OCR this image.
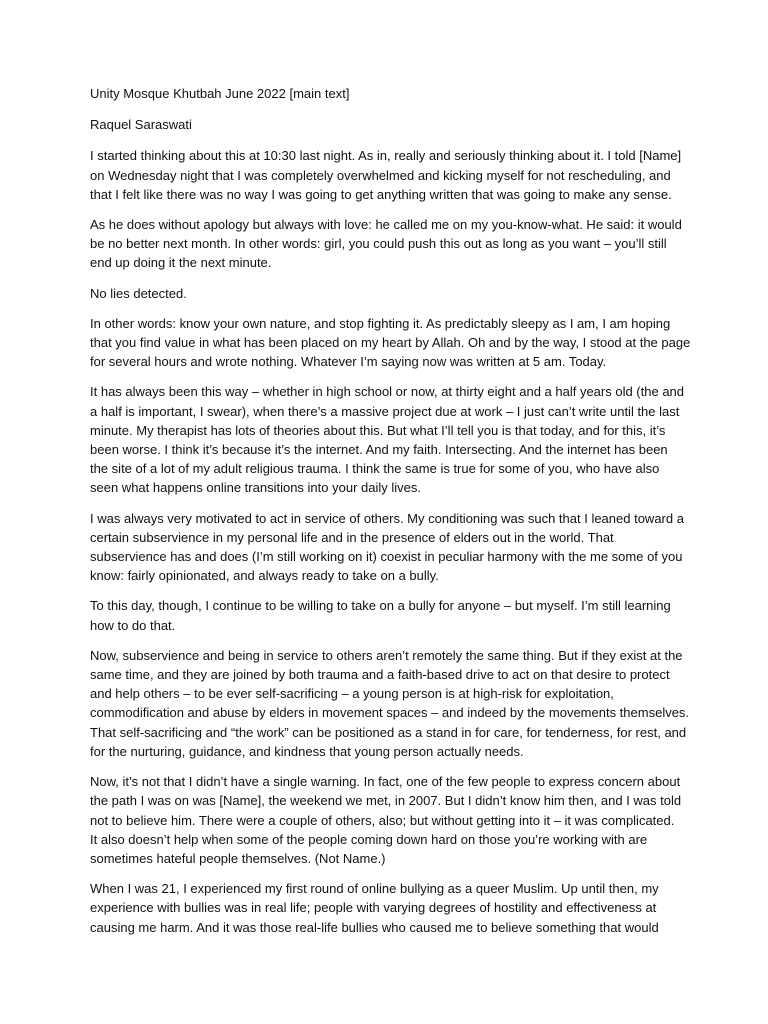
Unity Mosque Khutbah June 2022 [main text]

Raquel Saraswati

I started thinking about this at 10:30 last night. As in, really and seriously thinking about it. I told [Name]
on Wednesday night that I was completely overwhelmed and kicking myself for not rescheduling, and
that I felt like there was no way I was going to get anything written that was going to make any sense.

As he does without apology but always with love: he called me on my you-know-what. He said: it would
be no better next month. In other words: girl, you could push this out as long as you want – you’ll still
end up doing it the next minute.

No lies detected.

In other words: know your own nature, and stop fighting it. As predictably sleepy as I am, I am hoping
that you find value in what has been placed on my heart by Allah. Oh and by the way, I stood at the page
for several hours and wrote nothing. Whatever I’m saying now was written at 5 am. Today.

It has always been this way – whether in high school or now, at thirty eight and a half years old (the and
a half is important, I swear), when there’s a massive project due at work – I just can’t write until the last
minute. My therapist has lots of theories about this. But what I’ll tell you is that today, and for this, it’s
been worse. I think it’s because it’s the internet. And my faith. Intersecting. And the internet has been
the site of a lot of my adult religious trauma. I think the same is true for some of you, who have also
seen what happens online transitions into your daily lives.

I was always very motivated to act in service of others. My conditioning was such that I leaned toward a
certain subservience in my personal life and in the presence of elders out in the world. That
subservience has and does (I’m still working on it) coexist in peculiar harmony with the me some of you
know: fairly opinionated, and always ready to take on a bully.

To this day, though, I continue to be willing to take on a bully for anyone – but myself. I’m still learning
how to do that.

Now, subservience and being in service to others aren’t remotely the same thing. But if they exist at the
same time, and they are joined by both trauma and a faith-based drive to act on that desire to protect
and help others – to be ever self-sacrificing – a young person is at high-risk for exploitation,
commodification and abuse by elders in movement spaces – and indeed by the movements themselves.
That self-sacrificing and “the work” can be positioned as a stand in for care, for tenderness, for rest, and
for the nurturing, guidance, and kindness that young person actually needs.

Now, it’s not that I didn’t have a single warning. In fact, one of the few people to express concern about
the path I was on was [Name], the weekend we met, in 2007. But I didn’t know him then, and I was told
not to believe him. There were a couple of others, also; but without getting into it – it was complicated.
It also doesn’t help when some of the people coming down hard on those you’re working with are
sometimes hateful people themselves. (Not Name.)

When I was 21, I experienced my first round of online bullying as a queer Muslim. Up until then, my
experience with bullies was in real life; people with varying degrees of hostility and effectiveness at
causing me harm. And it was those real-life bullies who caused me to believe something that would
